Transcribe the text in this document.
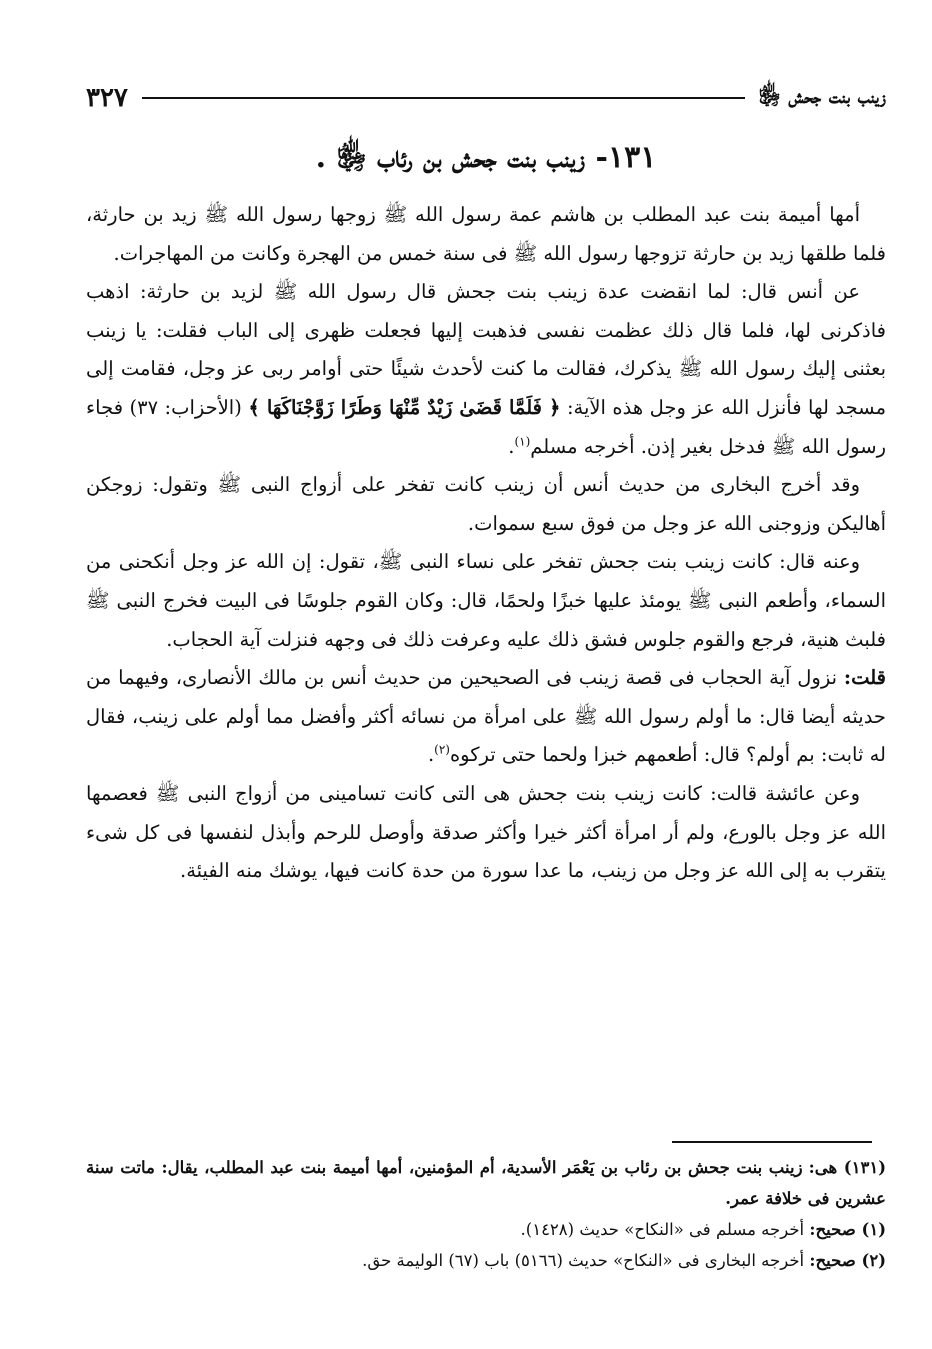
زينب بنت جحش ﵂
٣٢٧
١٣١- زينب بنت جحش بن رئاب ﵂ .

أمها أميمة بنت عبد المطلب بن هاشم عمة رسول الله ﷺ زوجها رسول الله ﷺ زيد بن حارثة، فلما طلقها زيد بن حارثة تزوجها رسول الله ﷺ فى سنة خمس من الهجرة وكانت من المهاجرات.

عن أنس قال: لما انقضت عدة زينب بنت جحش قال رسول الله ﷺ لزيد بن حارثة: اذهب فاذكرنى لها، فلما قال ذلك عظمت نفسى فذهبت إليها فجعلت ظهرى إلى الباب فقلت: يا زينب بعثنى إليك رسول الله ﷺ يذكرك، فقالت ما كنت لأحدث شيئًا حتى أوامر ربى عز وجل، فقامت إلى مسجد لها فأنزل الله عز وجل هذه الآية: ﴿ فَلَمَّا قَضَىٰ زَيْدٌ مِّنْهَا وَطَرًا زَوَّجْنَاكَهَا ﴾ (الأحزاب: ٣٧) فجاء رسول الله ﷺ فدخل بغير إذن. أخرجه مسلم$^{(١)}$.

وقد أخرج البخارى من حديث أنس أن زينب كانت تفخر على أزواج النبى ﷺ وتقول: زوجكن أهاليكن وزوجنى الله عز وجل من فوق سبع سموات.

وعنه قال: كانت زينب بنت جحش تفخر على نساء النبى ﷺ، تقول: إن الله عز وجل أنكحنى من السماء، وأطعم النبى ﷺ يومئذ عليها خبزًا ولحمًا، قال: وكان القوم جلوسًا فى البيت فخرج النبى ﷺ فلبث هنية، فرجع والقوم جلوس فشق ذلك عليه وعرفت ذلك فى وجهه فنزلت آية الحجاب.

قلت: نزول آية الحجاب فى قصة زينب فى الصحيحين من حديث أنس بن مالك الأنصارى، وفيهما من حديثه أيضا قال: ما أولم رسول الله ﷺ على امرأة من نسائه أكثر وأفضل مما أولم على زينب، فقال له ثابت: بم أولم؟ قال: أطعمهم خبزا ولحما حتى تركوه$^{(٢)}$.

وعن عائشة قالت: كانت زينب بنت جحش هى التى كانت تسامينى من أزواج النبى ﷺ فعصمها الله عز وجل بالورع، ولم أر امرأة أكثر خيرا وأكثر صدقة وأوصل للرحم وأبذل لنفسها فى كل شىء يتقرب به إلى الله عز وجل من زينب، ما عدا سورة من حدة كانت فيها، يوشك منه الفيئة.

(١٣١) هى: زينب بنت جحش بن رئاب بن يَعْمَر الأسدية، أم المؤمنين، أمها أميمة بنت عبد المطلب، يقال: ماتت سنة عشرين فى خلافة عمر.

(١) صحيح: أخرجه مسلم فى «النكاح» حديث (١٤٢٨).

(٢) صحيح: أخرجه البخارى فى «النكاح» حديث (٥١٦٦) باب (٦٧) الوليمة حق.
